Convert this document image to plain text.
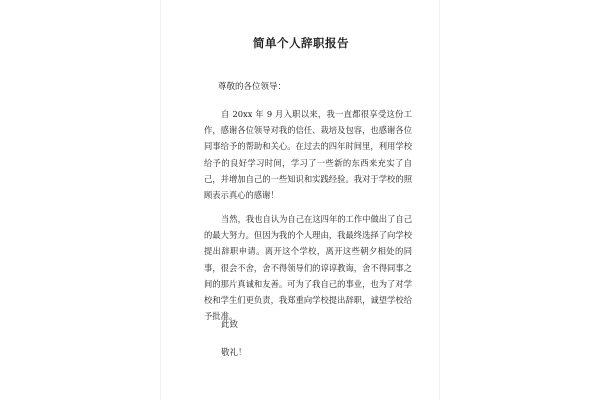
简单个人辞职报告
尊敬的各位领导：

自 20xx 年 9 月入职以来，我一直都很享受这份工作，感谢各位领导对我的信任、栽培及包容，也感谢各位同事给予的帮助和关心。在过去的四年时间里，利用学校给予的良好学习时间，学习了一些新的东西来充实了自己，并增加自己的一些知识和实践经验。我对于学校的照顾表示真心的感谢！

当然，我也自认为自己在这四年的工作中做出了自己的最大努力。但因为我的个人理由，我最终选择了向学校提出辞职申请。离开这个学校，离开这些朝夕相处的同事，很会不舍，舍不得领导们的谆谆教诲，舍不得同事之间的那片真诚和友善。可为了我自己的事业，也为了对学校和学生们更负责，我郑重向学校提出辞职，诚望学校给予批准。

此致
敬礼！
